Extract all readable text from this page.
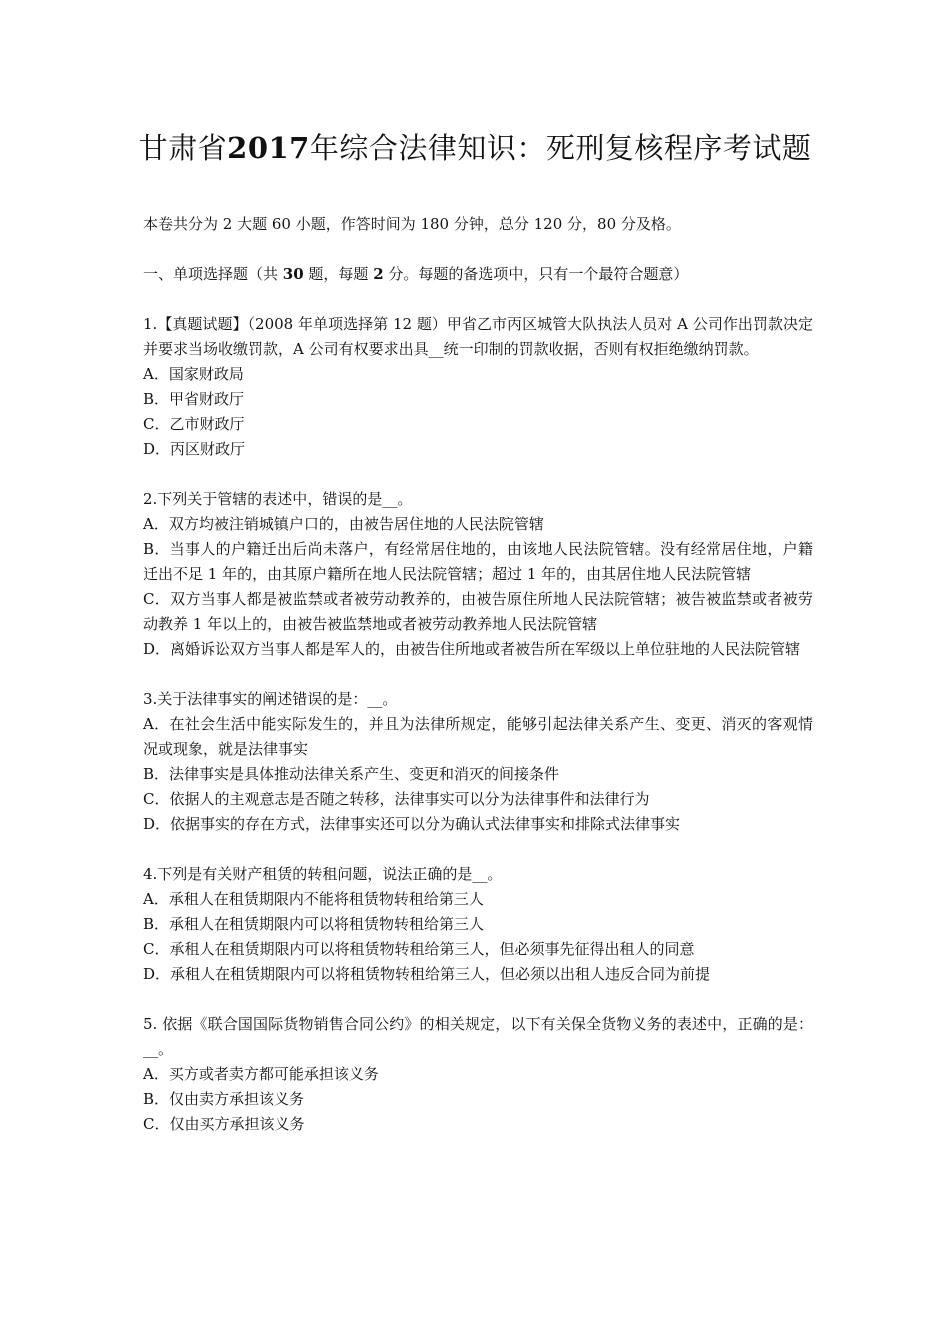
甘肃省2017年综合法律知识：死刑复核程序考试题

本卷共分为 2 大题 60 小题，作答时间为 180 分钟，总分 120 分，80 分及格。

一、单项选择题（共 30 题，每题 2 分。每题的备选项中，只有一个最符合题意）

1.【真题试题】（2008 年单项选择第 12 题）甲省乙市丙区城管大队执法人员对 A 公司作出罚款决定并要求当场收缴罚款，A 公司有权要求出具__统一印制的罚款收据，否则有权拒绝缴纳罚款。

A．国家财政局

B．甲省财政厅

C．乙市财政厅

D．丙区财政厅

2.下列关于管辖的表述中，错误的是__。

A．双方均被注销城镇户口的，由被告居住地的人民法院管辖

B．当事人的户籍迁出后尚未落户，有经常居住地的，由该地人民法院管辖。没有经常居住地，户籍迁出不足 1 年的，由其原户籍所在地人民法院管辖；超过 1 年的，由其居住地人民法院管辖

C．双方当事人都是被监禁或者被劳动教养的，由被告原住所地人民法院管辖；被告被监禁或者被劳动教养 1 年以上的，由被告被监禁地或者被劳动教养地人民法院管辖

D．离婚诉讼双方当事人都是军人的，由被告住所地或者被告所在军级以上单位驻地的人民法院管辖

3.关于法律事实的阐述错误的是：__。

A．在社会生活中能实际发生的，并且为法律所规定，能够引起法律关系产生、变更、消灭的客观情况或现象，就是法律事实

B．法律事实是具体推动法律关系产生、变更和消灭的间接条件

C．依据人的主观意志是否随之转移，法律事实可以分为法律事件和法律行为

D．依据事实的存在方式，法律事实还可以分为确认式法律事实和排除式法律事实

4.下列是有关财产租赁的转租问题，说法正确的是__。

A．承租人在租赁期限内不能将租赁物转租给第三人

B．承租人在租赁期限内可以将租赁物转租给第三人

C．承租人在租赁期限内可以将租赁物转租给第三人，但必须事先征得出租人的同意

D．承租人在租赁期限内可以将租赁物转租给第三人，但必须以出租人违反合同为前提

5. 依据《联合国国际货物销售合同公约》的相关规定，以下有关保全货物义务的表述中，正确的是：__。

A．买方或者卖方都可能承担该义务

B．仅由卖方承担该义务

C．仅由买方承担该义务
